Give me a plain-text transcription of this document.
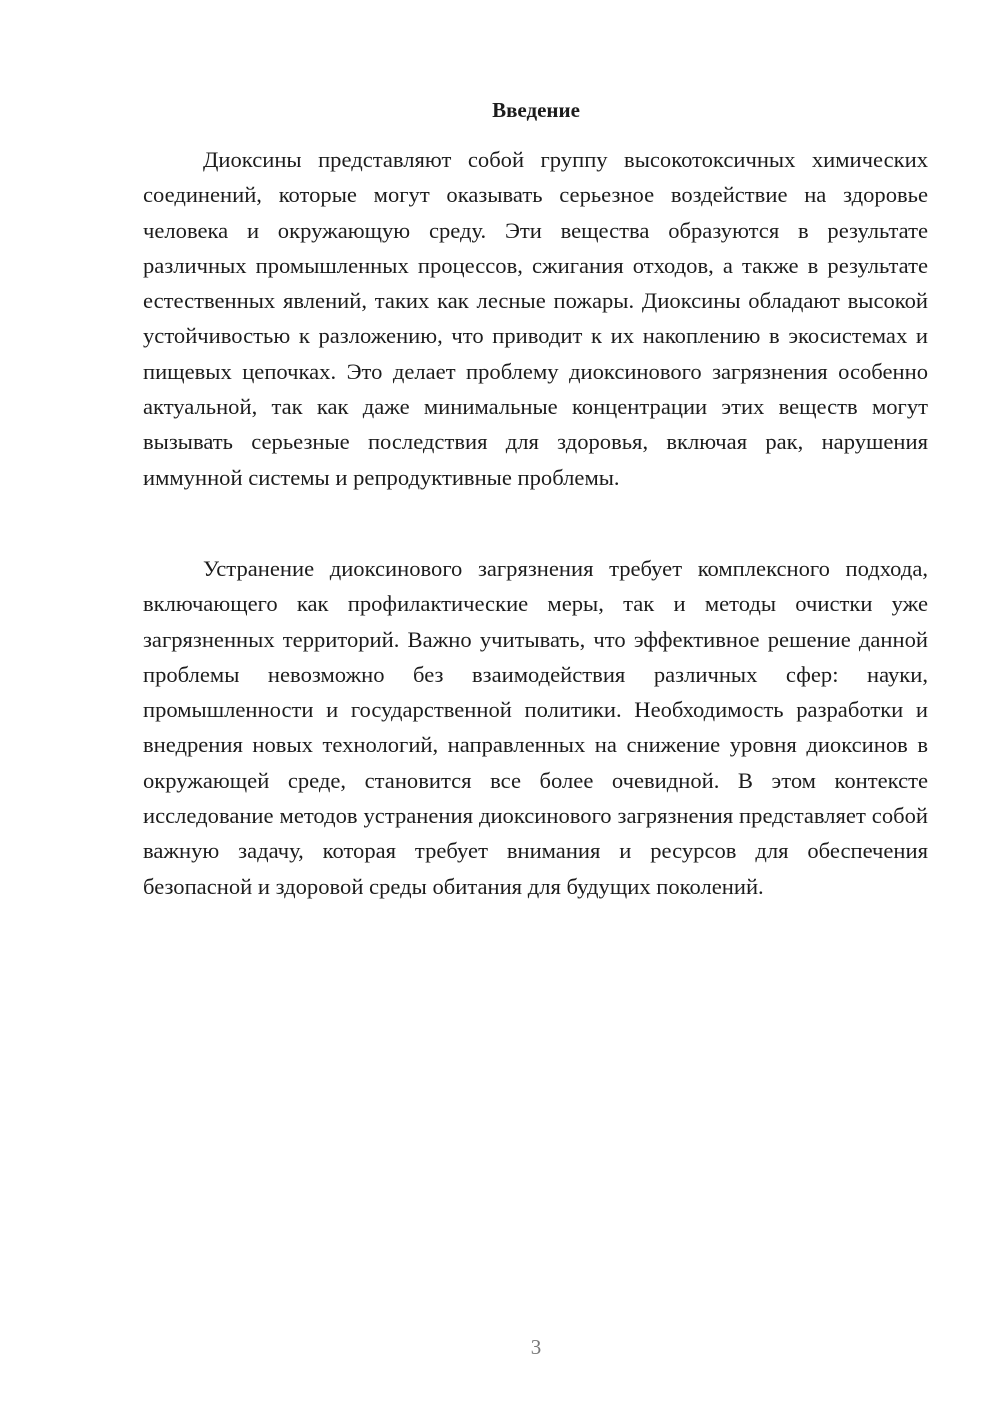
Введение

Диоксины представляют собой группу высокотоксичных химических соединений, которые могут оказывать серьезное воздействие на здоровье человека и окружающую среду. Эти вещества образуются в результате различных промышленных процессов, сжигания отходов, а также в результате естественных явлений, таких как лесные пожары. Диоксины обладают высокой устойчивостью к разложению, что приводит к их накоплению в экосистемах и пищевых цепочках. Это делает проблему диоксинового загрязнения особенно актуальной, так как даже минимальные концентрации этих веществ могут вызывать серьезные последствия для здоровья, включая рак, нарушения иммунной системы и репродуктивные проблемы.

Устранение диоксинового загрязнения требует комплексного подхода, включающего как профилактические меры, так и методы очистки уже загрязненных территорий. Важно учитывать, что эффективное решение данной проблемы невозможно без взаимодействия различных сфер: науки, промышленности и государственной политики. Необходимость разработки и внедрения новых технологий, направленных на снижение уровня диоксинов в окружающей среде, становится все более очевидной. В этом контексте исследование методов устранения диоксинового загрязнения представляет собой важную задачу, которая требует внимания и ресурсов для обеспечения безопасной и здоровой среды обитания для будущих поколений.

3
